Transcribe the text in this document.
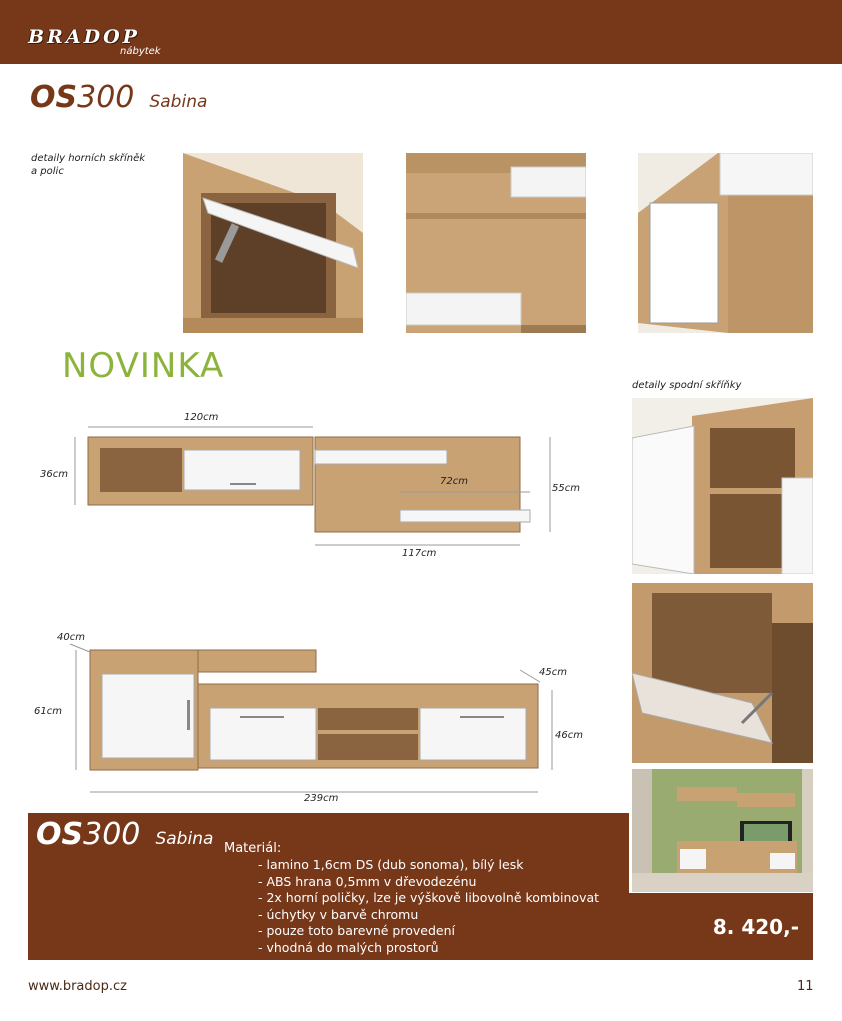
BRADOP
nábytek
OS300 Sabina
detaily horních skříněk
a polic
NOVINKA
120cm
36cm
72cm
55cm
117cm
detaily spodní skříňky
40cm
61cm
45cm
46cm
239cm
OS300 Sabina Materiál:
- lamino 1,6cm DS (dub sonoma), bílý lesk
- ABS hrana 0,5mm v dřevodezénu
- 2x horní poličky, lze je výškově libovolně kombinovat
- úchytky v barvě chromu
- pouze toto barevné provedení
- vhodná do malých prostorů
8. 420,-
www.bradop.cz	11
